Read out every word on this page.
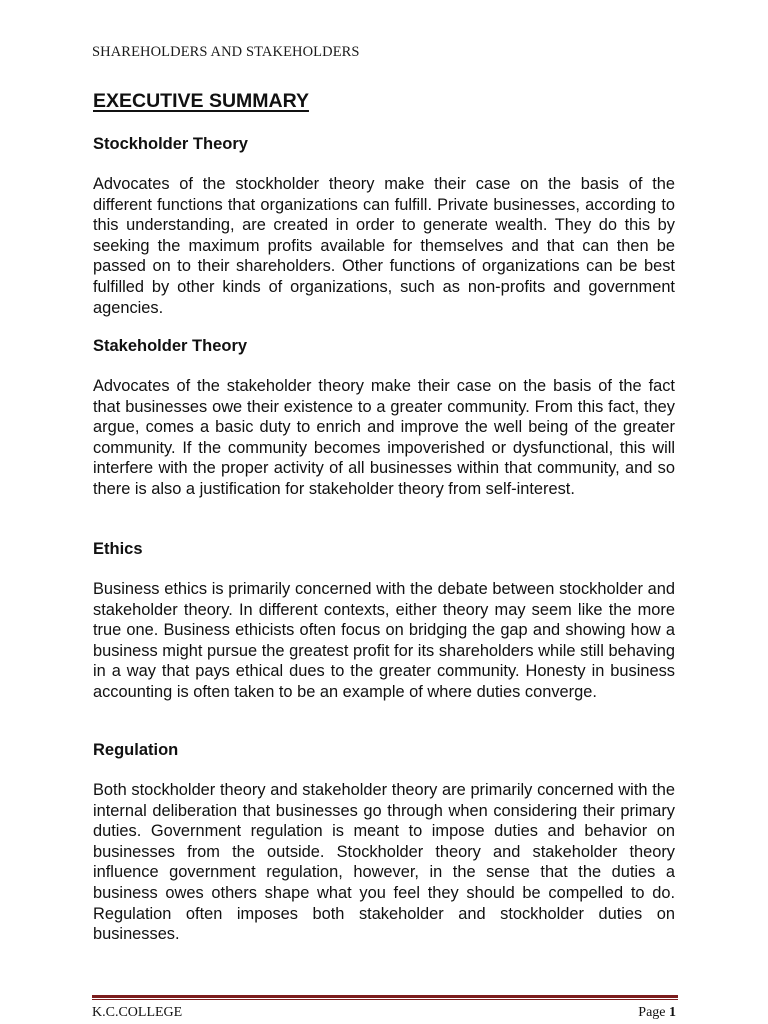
SHAREHOLDERS AND STAKEHOLDERS
EXECUTIVE SUMMARY
Stockholder Theory

Advocates of the stockholder theory make their case on the basis of the different functions that organizations can fulfill. Private businesses, according to this understanding, are created in order to generate wealth. They do this by seeking the maximum profits available for themselves and that can then be passed on to their shareholders. Other functions of organizations can be best fulfilled by other kinds of organizations, such as non-profits and government agencies.

Stakeholder Theory

Advocates of the stakeholder theory make their case on the basis of the fact that businesses owe their existence to a greater community. From this fact, they argue, comes a basic duty to enrich and improve the well being of the greater community. If the community becomes impoverished or dysfunctional, this will interfere with the proper activity of all businesses within that community, and so there is also a justification for stakeholder theory from self-interest.

Ethics

Business ethics is primarily concerned with the debate between stockholder and stakeholder theory. In different contexts, either theory may seem like the more true one. Business ethicists often focus on bridging the gap and showing how a business might pursue the greatest profit for its shareholders while still behaving in a way that pays ethical dues to the greater community. Honesty in business accounting is often taken to be an example of where duties converge.

Regulation

Both stockholder theory and stakeholder theory are primarily concerned with the internal deliberation that businesses go through when considering their primary duties. Government regulation is meant to impose duties and behavior on businesses from the outside. Stockholder theory and stakeholder theory influence government regulation, however, in the sense that the duties a business owes others shape what you feel they should be compelled to do. Regulation often imposes both stakeholder and stockholder duties on businesses.

K.C.COLLEGE	Page 1
